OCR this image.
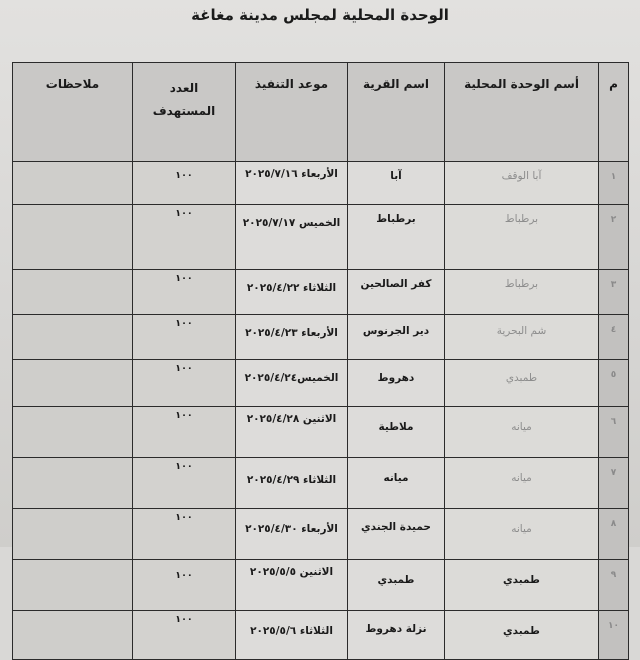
الوحدة المحلية لمجلس مدينة مغاغة
م	أسم الوحدة المحلية	اسم القرية	موعد التنفيذ	العدد المستهدف	ملاحظات
١	آبا الوقف	آبا	الأربعاء ٢٠٢٥/٧/١٦	١٠٠	
٢	برطباط	برطباط	الخميس ٢٠٢٥/٧/١٧	١٠٠	
٣	برطباط	كفر الصالحين	الثلاثاء ٢٠٢٥/٤/٢٢	١٠٠	
٤	شم البحرية	دير الجرنوس	الأربعاء ٢٠٢٥/٤/٢٣	١٠٠	
٥	طمبدي	دهروط	الخميس٢٠٢٥/٤/٢٤	١٠٠	
٦	ميانه	ملاطية	الاثنين ٢٠٢٥/٤/٢٨	١٠٠	
٧	ميانه	ميانه	الثلاثاء ٢٠٢٥/٤/٢٩	١٠٠	
٨	ميانه	حميدة الجندي	الأربعاء ٢٠٢٥/٤/٣٠	١٠٠	
٩	طمبدي	طمبدي	الاثنين ٢٠٢٥/٥/٥	١٠٠	
١٠	طمبدي	نزلة دهروط	الثلاثاء ٢٠٢٥/٥/٦	١٠٠	
